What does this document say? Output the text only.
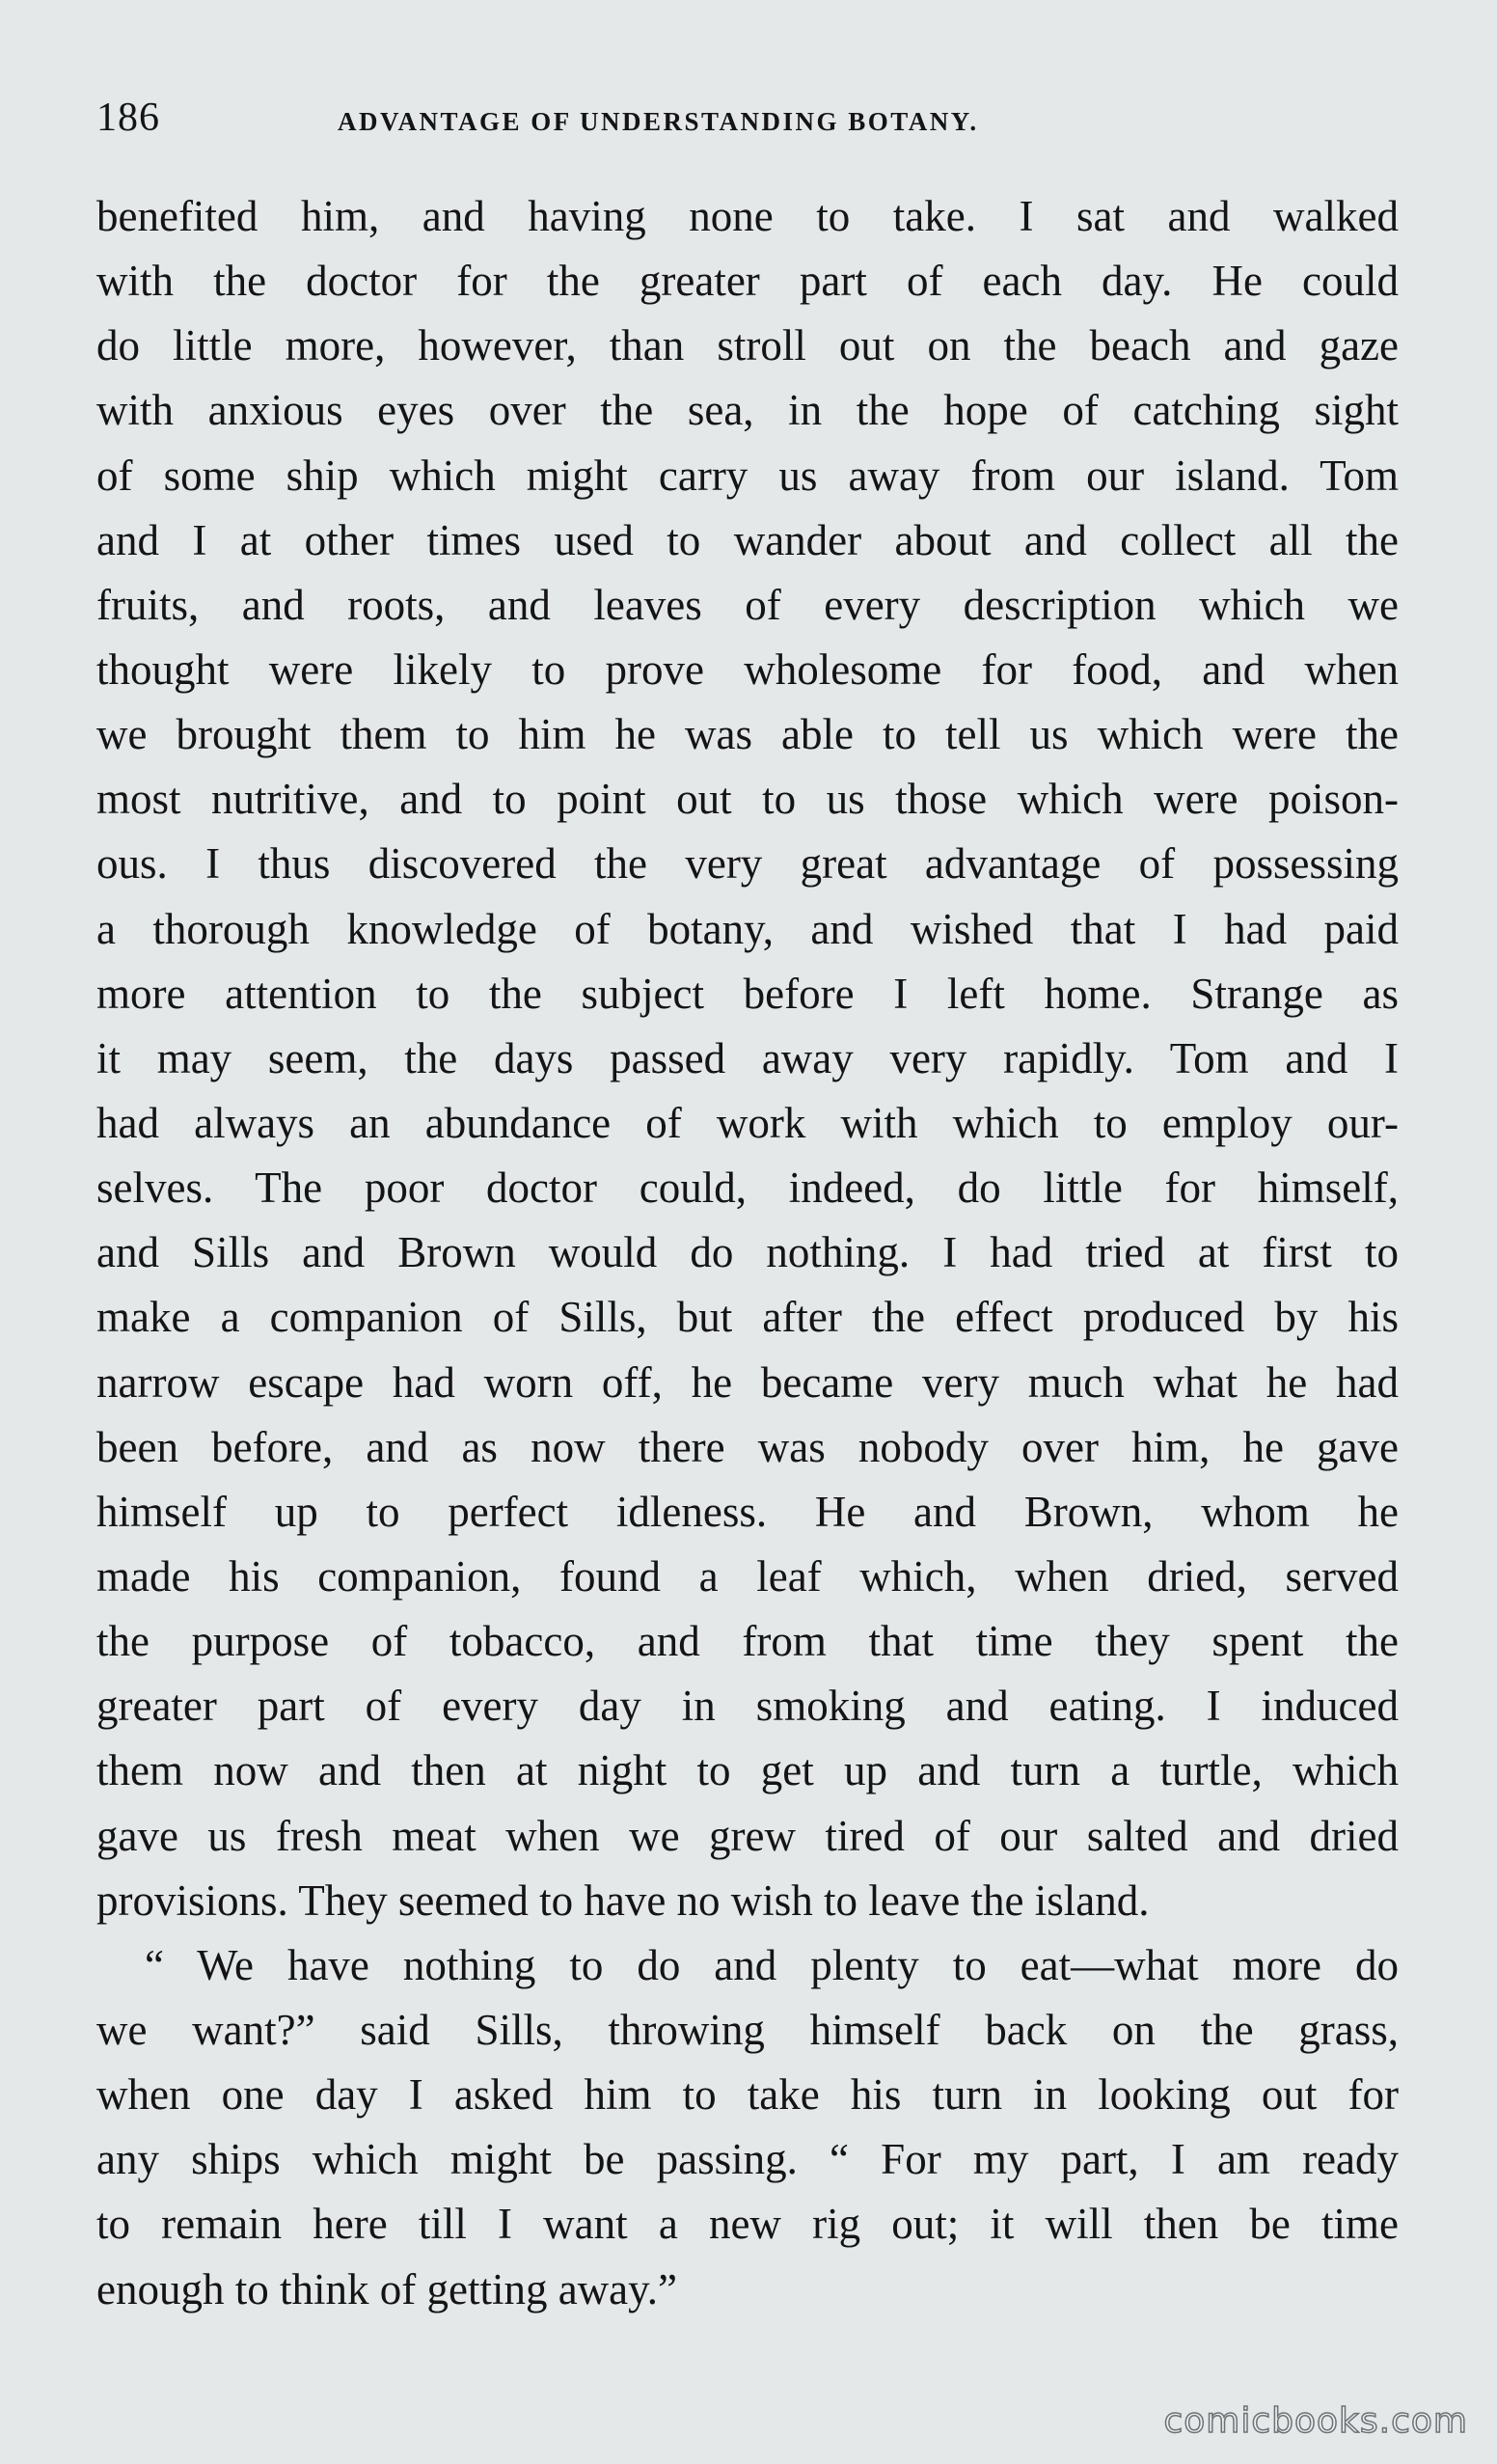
186	ADVANTAGE OF UNDERSTANDING BOTANY.
benefited him, and having none to take. I sat and walked
with the doctor for the greater part of each day. He could
do little more, however, than stroll out on the beach and gaze
with anxious eyes over the sea, in the hope of catching sight
of some ship which might carry us away from our island. Tom
and I at other times used to wander about and collect all the
fruits, and roots, and leaves of every description which we
thought were likely to prove wholesome for food, and when
we brought them to him he was able to tell us which were the
most nutritive, and to point out to us those which were poison-
ous. I thus discovered the very great advantage of possessing
a thorough knowledge of botany, and wished that I had paid
more attention to the subject before I left home. Strange as
it may seem, the days passed away very rapidly. Tom and I
had always an abundance of work with which to employ our-
selves. The poor doctor could, indeed, do little for himself,
and Sills and Brown would do nothing. I had tried at first to
make a companion of Sills, but after the effect produced by his
narrow escape had worn off, he became very much what he had
been before, and as now there was nobody over him, he gave
himself up to perfect idleness. He and Brown, whom he
made his companion, found a leaf which, when dried, served
the purpose of tobacco, and from that time they spent the
greater part of every day in smoking and eating. I induced
them now and then at night to get up and turn a turtle, which
gave us fresh meat when we grew tired of our salted and dried
provisions. They seemed to have no wish to leave the island.
“ We have nothing to do and plenty to eat—what more do
we want?” said Sills, throwing himself back on the grass,
when one day I asked him to take his turn in looking out for
any ships which might be passing. “ For my part, I am ready
to remain here till I want a new rig out; it will then be time
enough to think of getting away.”
comicbooks.com
